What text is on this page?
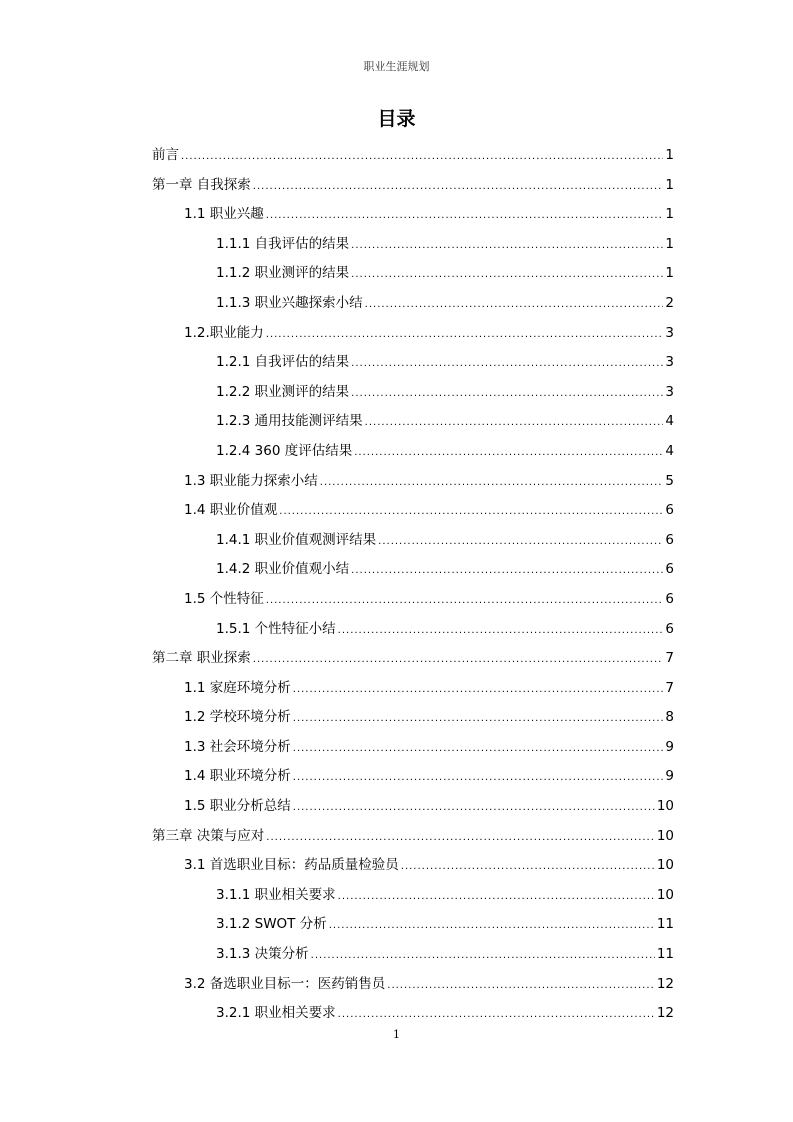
职业生涯规划
目录
前言 .....	1
第一章 自我探索 .....	1
1.1 职业兴趣 .....	1
1.1.1 自我评估的结果 .....	1
1.1.2 职业测评的结果 .....	1
1.1.3 职业兴趣探索小结 .....	2
1.2.职业能力 .....	3
1.2.1 自我评估的结果 .....	3
1.2.2 职业测评的结果 .....	3
1.2.3 通用技能测评结果 .....	4
1.2.4 360 度评估结果 .....	4
1.3 职业能力探索小结 .....	5
1.4 职业价值观 .....	6
1.4.1 职业价值观测评结果 .....	6
1.4.2 职业价值观小结 .....	6
1.5 个性特征 .....	6
1.5.1 个性特征小结 .....	6
第二章 职业探索 .....	7
1.1 家庭环境分析 .....	7
1.2 学校环境分析 .....	8
1.3 社会环境分析 .....	9
1.4 职业环境分析 .....	9
1.5 职业分析总结 .....	10
第三章 决策与应对 .....	10
3.1 首选职业目标：药品质量检验员 .....	10
3.1.1 职业相关要求 .....	10
3.1.2 SWOT 分析 .....	11
3.1.3 决策分析 .....	11
3.2 备选职业目标一：医药销售员 .....	12
3.2.1 职业相关要求 .....	12
1
